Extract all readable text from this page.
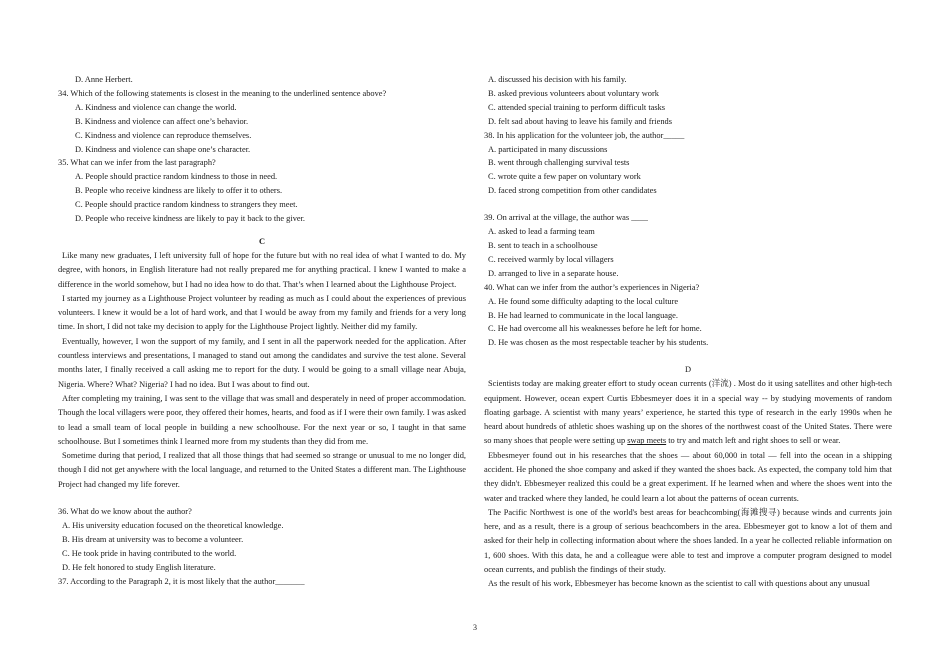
D. Anne Herbert.
34. Which of the following statements is closest in the meaning to the underlined sentence above?
A. Kindness and violence can change the world.
B. Kindness and violence can affect one’s behavior.
C. Kindness and violence can reproduce themselves.
D. Kindness and violence can shape one’s character.
35. What can we infer from the last paragraph?
A. People should practice random kindness to those in need.
B. People who receive kindness are likely to offer it to others.
C. People should practice random kindness to strangers they meet.
D. People who receive kindness are likely to pay it back to the giver.
C
Like many new graduates, I left university full of hope for the future but with no real idea of what I wanted to do. My degree, with honors, in English literature had not really prepared me for anything practical. I knew I wanted to make a difference in the world somehow, but I had no idea how to do that. That’s when I learned about the Lighthouse Project.
I started my journey as a Lighthouse Project volunteer by reading as much as I could about the experiences of previous volunteers. I knew it would be a lot of hard work, and that I would be away from my family and friends for a very long time. In short, I did not take my decision to apply for the Lighthouse Project lightly. Neither did my family.
Eventually, however, I won the support of my family, and I sent in all the paperwork needed for the application. After countless interviews and presentations, I managed to stand out among the candidates and survive the test alone. Several months later, I finally received a call asking me to report for the duty. I would be going to a small village near Abuja, Nigeria. Where? What? Nigeria? I had no idea. But I was about to find out.
After completing my training, I was sent to the village that was small and desperately in need of proper accommodation. Though the local villagers were poor, they offered their homes, hearts, and food as if I were their own family. I was asked to lead a small team of local people in building a new schoolhouse. For the next year or so, I taught in that same schoolhouse. But I sometimes think I learned more from my students than they did from me.
Sometime during that period, I realized that all those things that had seemed so strange or unusual to me no longer did, though I did not get anywhere with the local language, and returned to the United States a different man. The Lighthouse Project had changed my life forever.
36. What do we know about the author?
A. His university education focused on the theoretical knowledge.
B. His dream at university was to become a volunteer.
C. He took pride in having contributed to the world.
D. He felt honored to study English literature.
37. According to the Paragraph 2, it is most likely that the author_______
A. discussed his decision with his family.
B. asked previous volunteers about voluntary work
C. attended special training to perform difficult tasks
D. felt sad about having to leave his family and friends
38. In his application for the volunteer job, the author_____
A. participated in many discussions
B. went through challenging survival tests
C. wrote quite a few paper on voluntary work
D. faced strong competition from other candidates
39. On arrival at the village, the author was ____
A. asked to lead a farming team
B. sent to teach in a schoolhouse
C. received warmly by local villagers
D. arranged to live in a separate house.
40. What can we infer from the author’s experiences in Nigeria?
A. He found some difficulty adapting to the local culture
B. He had learned to communicate in the local language.
C. He had overcome all his weaknesses before he left for home.
D. He was chosen as the most respectable teacher by his students.
D
Scientists today are making greater effort to study ocean currents (洋流) . Most do it using satellites and other high-tech equipment. However, ocean expert Curtis Ebbesmeyer does it in a special way -- by studying movements of random floating garbage. A scientist with many years’ experience, he started this type of research in the early 1990s when he heard about hundreds of athletic shoes washing up on the shores of the northwest coast of the United States. There were so many shoes that people were setting up swap meets to try and match left and right shoes to sell or wear.
Ebbesmeyer found out in his researches that the shoes — about 60,000 in total — fell into the ocean in a shipping accident. He phoned the shoe company and asked if they wanted the shoes back. As expected, the company told him that they didn't. Ebbesmeyer realized this could be a great experiment. If he learned when and where the shoes went into the water and tracked where they landed, he could learn a lot about the patterns of ocean currents.
The Pacific Northwest is one of the world's best areas for beachcombing(海滩搜寻) because winds and currents join here, and as a result, there is a group of serious beachcombers in the area. Ebbesmeyer got to know a lot of them and asked for their help in collecting information about where the shoes landed. In a year he collected reliable information on 1, 600 shoes. With this data, he and a colleague were able to test and improve a computer program designed to model ocean currents, and publish the findings of their study.
As the result of his work, Ebbesmeyer has become known as the scientist to call with questions about any unusual
3
